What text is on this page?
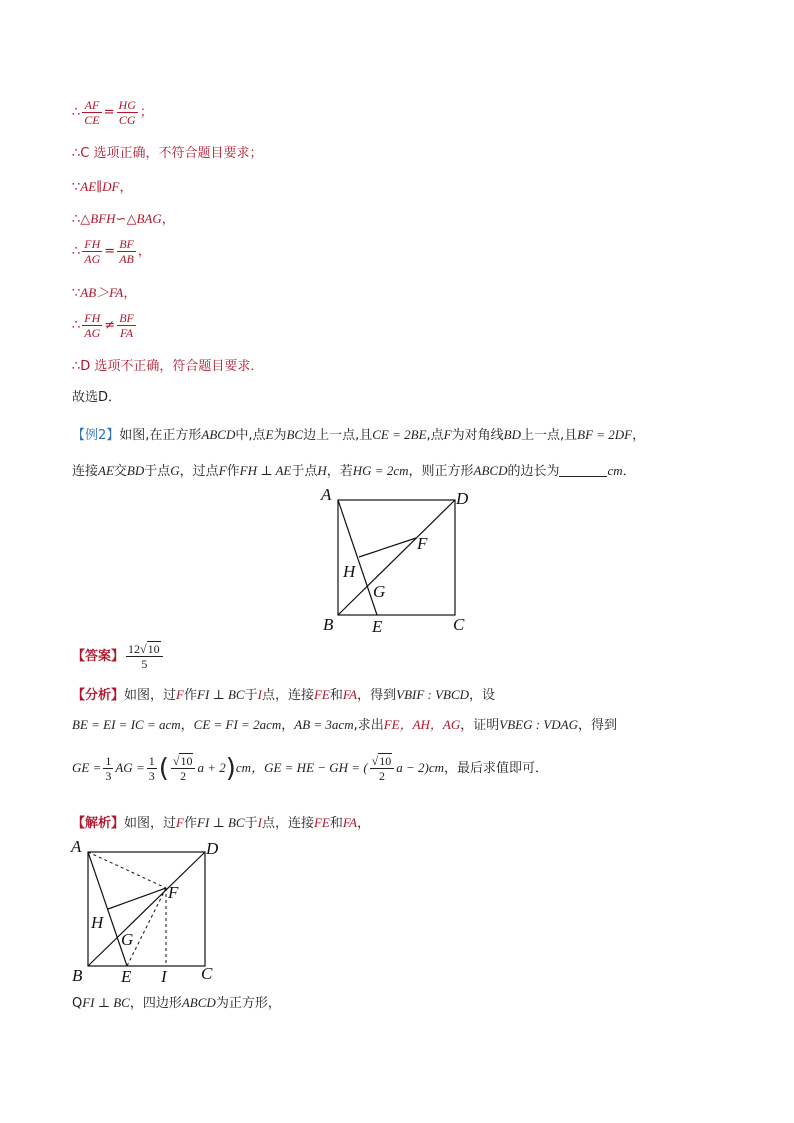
∴ $\frac{AF}{CE} = \frac{HG}{CG}$ ；
∴C 选项正确，不符合题目要求；
∵AE∥DF，
∴△BFH∽△BAG，
∴ $\frac{FH}{AG} = \frac{BF}{AB}$ ，
∵AB＞FA，
∴ $\frac{FH}{AG} \ne \frac{BF}{FA}$
∴D 选项不正确，符合题目要求．
故选D．
【例2】如图,在正方形ABCD中,点E为BC边上一点,且CE = 2BE,点F为对角线BD上一点,且BF = 2DF，
连接AE交BD于点G，过点F作FH ⊥ AE于点H，若HG = 2cm，则正方形ABCD的边长为	cm．
A	D
B E	C
F
H
G
【答案】 $\frac{12√10}{5}$
【分析】如图，过F作FI ⊥ BC于I点，连接FE和FA，得到VBIF : VBCD，设
BE = EI = IC = acm，CE = FI = 2acm，AB = 3acm,求出FE，AH，AG，证明VBEG : VDAG，得到
GE = $\frac{1}{3}$ AG = $\frac{1}{3}$ ( $\frac{√10}{2}$ a + 2)cm，GE = HE − GH = ( $\frac{√10}{2}$ a − 2)cm，最后求值即可．
【解析】如图，过F作FI ⊥ BC于I点，连接FE和FA，
A	D
B E I C
F
H
G
QFI ⊥ BC，四边形ABCD为正方形，
